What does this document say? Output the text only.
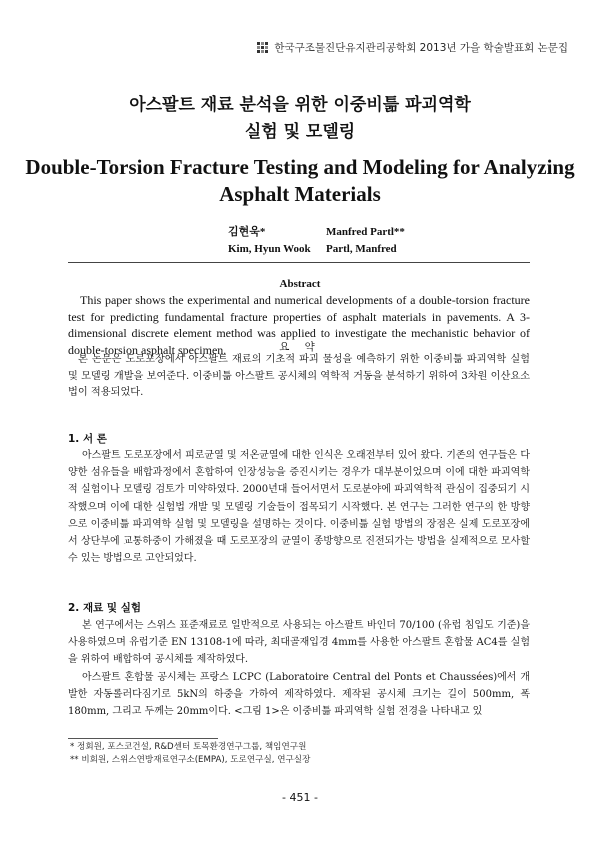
한국구조물진단유지관리공학회 2013년 가을 학술발표회 논문집
아스팔트 재료 분석을 위한 이중비틂 파괴역학
실험 및 모델링
Double-Torsion Fracture Testing and Modeling for Analyzing
Asphalt Materials
김현욱*
Kim, Hyun Wook
Manfred Partl**
Partl, Manfred
Abstract

This paper shows the experimental and numerical developments of a double-torsion fracture test for predicting fundamental fracture properties of asphalt materials in pavements. A 3-dimensional discrete element method was applied to investigate the mechanistic behavior of double-torsion asphalt specimen.	요 약

본 논문은 도로포장에서 아스팔트 재료의 기초적 파괴 물성을 예측하기 위한 이중비틂 파괴역학 실험 및 모델링 개발을 보여준다. 이중비틂 아스팔트 공시체의 역학적 거동을 분석하기 위하여 3차원 이산요소법이 적용되었다.

1. 서 론

아스팔트 도로포장에서 피로균열 및 저온균열에 대한 인식은 오래전부터 있어 왔다. 기존의 연구들은 다양한 섬유들을 배합과정에서 혼합하여 인장성능을 증진시키는 경우가 대부분이었으며 이에 대한 파괴역학적 실험이나 모델링 검토가 미약하였다. 2000년대 들어서면서 도로분야에 파괴역학적 관심이 집중되기 시작했으며 이에 대한 실험법 개발 및 모델링 기술들이 접목되기 시작했다. 본 연구는 그러한 연구의 한 방향으로 이중비틂 파괴역학 실험 및 모델링을 설명하는 것이다. 이중비틂 실험 방법의 장점은 실제 도로포장에서 상단부에 교통하중이 가해졌을 때 도로포장의 균열이 종방향으로 진전되가는 방법을 실제적으로 모사할 수 있는 방법으로 고안되었다.

2. 재료 및 실험

본 연구에서는 스위스 표준재료로 일반적으로 사용되는 아스팔트 바인더 70/100 (유럽 침입도 기준)을 사용하였으며 유럽기준 EN 13108-1에 따라, 최대골재입경 4mm를 사용한 아스팔트 혼합물 AC4를 실험을 위하여 배합하여 공시체를 제작하였다.

아스팔트 혼합물 공시체는 프랑스 LCPC (Laboratoire Central del Ponts et Chaussées)에서 개발한 자동롤러다짐기로 5kN의 하중을 가하여 제작하였다. 제작된 공시체 크기는 길이 500mm, 폭 180mm, 그리고 두께는 20mm이다. <그림 1>은 이중비틂 파괴역학 실험 전경을 나타내고 있

* 정회원, 포스코건설, R&D센터 토목환경연구그룹, 책임연구원
** 비회원, 스위스연방재료연구소(EMPA), 도로연구실, 연구실장
- 451 -
